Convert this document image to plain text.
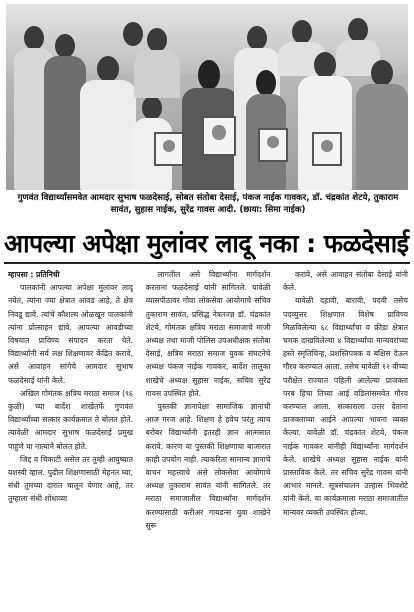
गुणवंत विद्यार्थ्यांसमवेत आमदार सुभाष फळदेसाई, सोबत संतोबा देसाई, पंकज नाईक गावकर, डॉ. चंद्रकांत शेटये, तुकाराम सावंत, सुहास नाईक, सुरेंद्र गावस आदी. (छाया: सिमा नाईक)
आपल्या अपेक्षा मुलांवर लादू नका : फळदेसाई
म्हापसा : प्रतिनिधी

पालकांनी आपल्या अपेक्षा मुलांवर लादू नयेत, त्यांना ज्या क्षेत्रात आवड आहे, ते क्षेत्र निवडू द्यावे. त्यांचे कौशल्य ओळखून पालकांनी त्यांना प्रोत्साहन द्यावे. आपल्या आवडीच्या विषयात प्राविण्य संपादन करता येते. विद्यार्थ्यांनी सर्व लक्ष शिक्षणावर केंद्रित करावे, असे आवाहन सांगेचे आमदार सुभाष फळदेसाई यांनी केले.

अखिल गोमंतक क्षत्रिय मराठा समाज (९६ कुळी) च्या बार्देश शाखेतर्फे गुणवंत विद्यार्थ्यांच्या सत्कार कार्यक्रमात ते बोलत होते. त्यावेळी आमदार सुभाष फळदेसाई प्रमुख पाहुणे या नात्याने बोलत होते.

जिद्द व चिकाटी असेल तर तुम्ही आयुष्यात यशस्वी व्हाल. पुढील शिक्षणासाठी मेहनत घ्या, संधी तुमच्या दारात चालून येणार आहे, तर तुम्हाला संधी शोधाव्या

लागतील असे विद्यार्थ्यांना मार्गदर्शन करताना फळदेसाई यांनी सांगितले. यावेळी व्यासपीठावर गोवा लोकसेवा आयोगाचे सचिव तुकाराम सावंत, प्रसिद्ध नेत्रतज्ज्ञ डॉ. चंद्रकांत शेटये, गोमंतक क्षत्रिय मराठा समाजाचे माजी अध्यक्ष तथा माजी पोलिस उपअधीक्षक संतोबा देसाई, क्षत्रिय मराठा समाज युवक संघटनेचे अध्यक्ष पंकज नाईक गावकर, बार्देश तालुका शाखेचे अध्यक्ष सुहास नाईक, सचिव सुरेंद्र गावस उपस्थित होते.

पुस्तकी ज्ञानापेक्षा सामाजिक ज्ञानाची आज गरज आहे. शिक्षण हे हवेच परंतु त्याच बरोबर विद्यार्थ्यांनी इतरही ज्ञान आत्मसात करावे. कारण या पुस्तकी शिक्षणाचा बाजारात काही उपयोग नाही. त्याकरिता सामान्य ज्ञानाचे वाचन महत्त्वाचे असे लोकसेवा आयोगाचे अध्यक्ष तुकाराम सावंत यांनी सांगितले. तर मराठा समाजातील विद्यार्थ्यांना मार्गदर्शन करण्यासाठी करीअर गायडन्स युवा शाखेने सुरू

करावे, असे आवाहन संतोबा देसाई यांनी केले.

यावेळी दहावी, बारावी, पदवी तसेच पदव्युत्तर शिक्षणात विशेष प्राविण्य मिळविलेल्या ६८ विद्यार्थ्यांचा व क्रीडा क्षेत्रात चमक दाखविलेल्या ४ विद्यार्थ्यांचा मान्यवरांच्या हस्ते स्मृतिचिन्ह, प्रशस्तिपत्रक व बक्षिस देऊन गौरव करण्यात आला. तसेच यावेळी १२ वीच्या परीक्षेत राज्यात पहिली आलेल्या प्राजक्ता परब हिचा तिच्या आई वडिलांसमवेत गौरव करण्यात आला. सत्काराला उत्तर देताना प्राजक्ताच्या आईने आपल्या भावना व्यक्त केल्या. यावेळी डॉ. चंद्रकांत शेटये, पंकज नाईक गावकर यांनीही विद्यार्थ्यांना मार्गदर्शन केले. शाखेचे अध्यक्ष सुहास नाईक यांनी प्रास्ताविक केले. तर सचिव सुरेंद्र गावस यांनी आभार मानले. सूत्रसंचालन उल्हास भिवशेटे यांनी केले. या कार्यक्रमाला मराठा समाजातील मान्यवर व्यक्ती उपस्थित होत्या.
